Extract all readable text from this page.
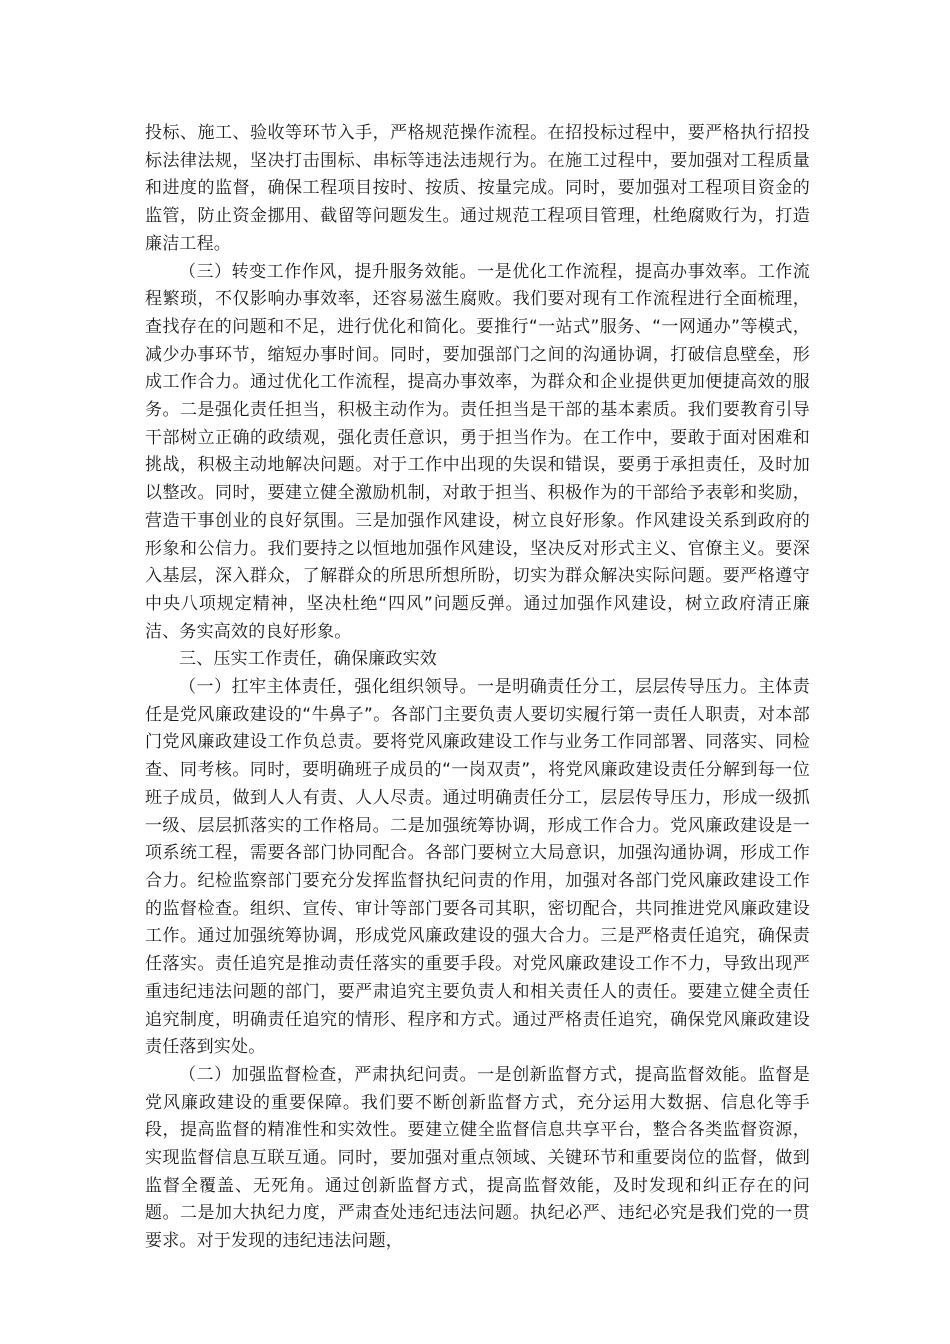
投标、施工、验收等环节入手，严格规范操作流程。在招投标过程中，要严格执行招投标法律法规，坚决打击围标、串标等违法违规行为。在施工过程中，要加强对工程质量和进度的监督，确保工程项目按时、按质、按量完成。同时，要加强对工程项目资金的监管，防止资金挪用、截留等问题发生。通过规范工程项目管理，杜绝腐败行为，打造廉洁工程。

（三）转变工作作风，提升服务效能。一是优化工作流程，提高办事效率。工作流程繁琐，不仅影响办事效率，还容易滋生腐败。我们要对现有工作流程进行全面梳理，查找存在的问题和不足，进行优化和简化。要推行“一站式”服务、“一网通办”等模式，减少办事环节，缩短办事时间。同时，要加强部门之间的沟通协调，打破信息壁垒，形成工作合力。通过优化工作流程，提高办事效率，为群众和企业提供更加便捷高效的服务。二是强化责任担当，积极主动作为。责任担当是干部的基本素质。我们要教育引导干部树立正确的政绩观，强化责任意识，勇于担当作为。在工作中，要敢于面对困难和挑战，积极主动地解决问题。对于工作中出现的失误和错误，要勇于承担责任，及时加以整改。同时，要建立健全激励机制，对敢于担当、积极作为的干部给予表彰和奖励，营造干事创业的良好氛围。三是加强作风建设，树立良好形象。作风建设关系到政府的形象和公信力。我们要持之以恒地加强作风建设，坚决反对形式主义、官僚主义。要深入基层，深入群众，了解群众的所思所想所盼，切实为群众解决实际问题。要严格遵守中央八项规定精神，坚决杜绝“四风”问题反弹。通过加强作风建设，树立政府清正廉洁、务实高效的良好形象。

三、压实工作责任，确保廉政实效

（一）扛牢主体责任，强化组织领导。一是明确责任分工，层层传导压力。主体责任是党风廉政建设的“牛鼻子”。各部门主要负责人要切实履行第一责任人职责，对本部门党风廉政建设工作负总责。要将党风廉政建设工作与业务工作同部署、同落实、同检查、同考核。同时，要明确班子成员的“一岗双责”，将党风廉政建设责任分解到每一位班子成员，做到人人有责、人人尽责。通过明确责任分工，层层传导压力，形成一级抓一级、层层抓落实的工作格局。二是加强统筹协调，形成工作合力。党风廉政建设是一项系统工程，需要各部门协同配合。各部门要树立大局意识，加强沟通协调，形成工作合力。纪检监察部门要充分发挥监督执纪问责的作用，加强对各部门党风廉政建设工作的监督检查。组织、宣传、审计等部门要各司其职，密切配合，共同推进党风廉政建设工作。通过加强统筹协调，形成党风廉政建设的强大合力。三是严格责任追究，确保责任落实。责任追究是推动责任落实的重要手段。对党风廉政建设工作不力，导致出现严重违纪违法问题的部门，要严肃追究主要负责人和相关责任人的责任。要建立健全责任追究制度，明确责任追究的情形、程序和方式。通过严格责任追究，确保党风廉政建设责任落到实处。

（二）加强监督检查，严肃执纪问责。一是创新监督方式，提高监督效能。监督是党风廉政建设的重要保障。我们要不断创新监督方式，充分运用大数据、信息化等手段，提高监督的精准性和实效性。要建立健全监督信息共享平台，整合各类监督资源，实现监督信息互联互通。同时，要加强对重点领域、关键环节和重要岗位的监督，做到监督全覆盖、无死角。通过创新监督方式，提高监督效能，及时发现和纠正存在的问题。二是加大执纪力度，严肃查处违纪违法问题。执纪必严、违纪必究是我们党的一贯要求。对于发现的违纪违法问题，
